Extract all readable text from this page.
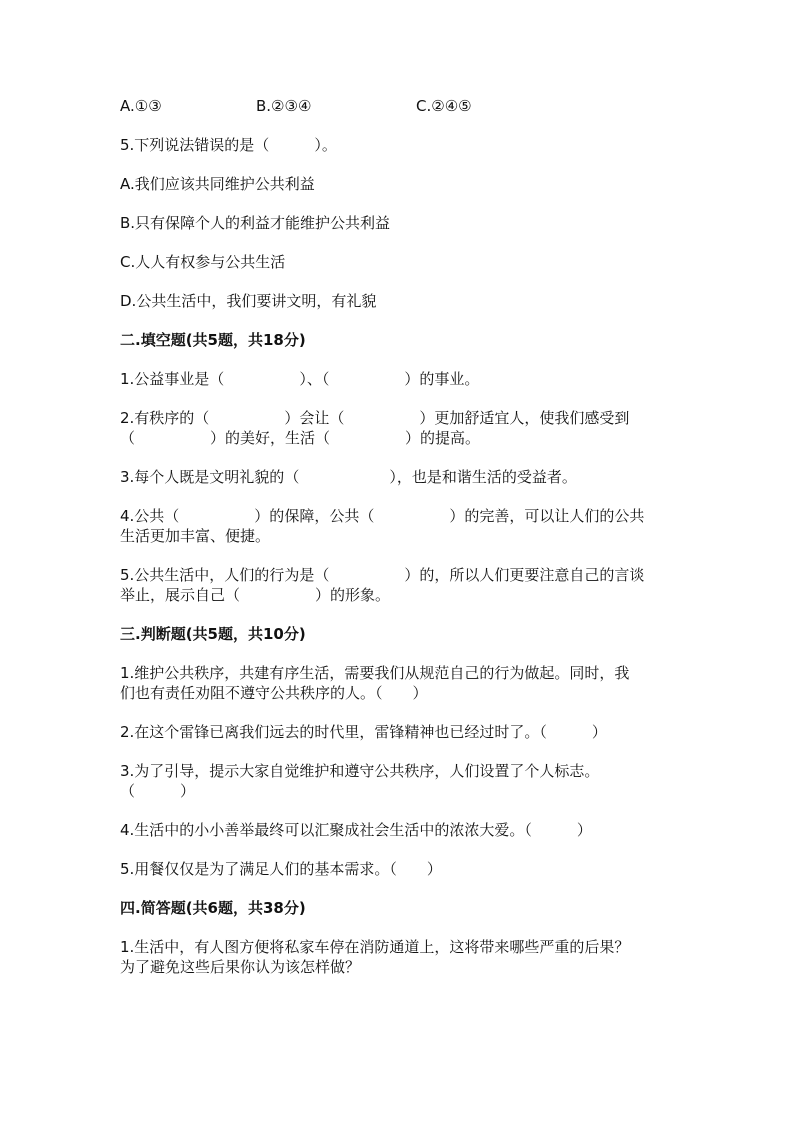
A.①③	B.②③④	C.②④⑤
5.下列说法错误的是（　　　）。
A.我们应该共同维护公共利益
B.只有保障个人的利益才能维护公共利益
C.人人有权参与公共生活
D.公共生活中，我们要讲文明，有礼貌
二.填空题(共5题，共18分)
1.公益事业是（　　　　　）、（　　　　　）的事业。
2.有秩序的（　　　　　）会让（　　　　　）更加舒适宜人，使我们感受到
（　　　　　）的美好，生活（　　　　　）的提高。
3.每个人既是文明礼貌的（　　　　　　），也是和谐生活的受益者。
4.公共（　　　　　）的保障，公共（　　　　　）的完善，可以让人们的公共
生活更加丰富、便捷。
5.公共生活中，人们的行为是（　　　　　）的，所以人们更要注意自己的言谈
举止，展示自己（　　　　　）的形象。
三.判断题(共5题，共10分)
1.维护公共秩序，共建有序生活，需要我们从规范自己的行为做起。同时，我
们也有责任劝阻不遵守公共秩序的人。（　　）
2.在这个雷锋已离我们远去的时代里，雷锋精神也已经过时了。（　　　）
3.为了引导，提示大家自觉维护和遵守公共秩序，人们设置了个人标志。
（　　　）
4.生活中的小小善举最终可以汇聚成社会生活中的浓浓大爱。（　　　）
5.用餐仅仅是为了满足人们的基本需求。（　　）
四.简答题(共6题，共38分)
1.生活中，有人图方便将私家车停在消防通道上，这将带来哪些严重的后果？
为了避免这些后果你认为该怎样做？
